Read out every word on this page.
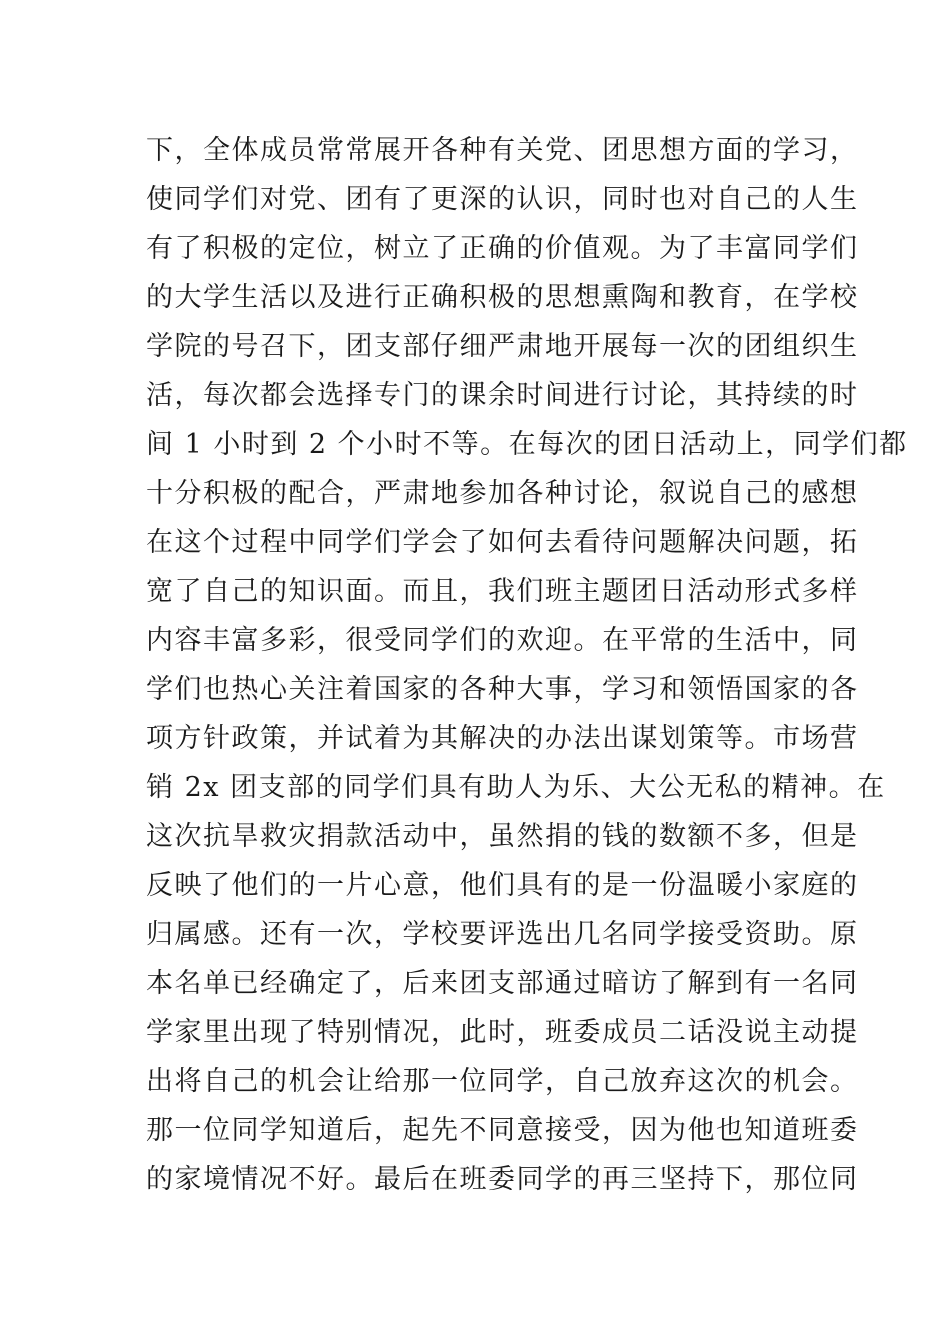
下，全体成员常常展开各种有关党、团思想方面的学习，
使同学们对党、团有了更深的认识，同时也对自己的人生
有了积极的定位，树立了正确的价值观。为了丰富同学们
的大学生活以及进行正确积极的思想熏陶和教育，在学校
学院的号召下，团支部仔细严肃地开展每一次的团组织生
活，每次都会选择专门的课余时间进行讨论，其持续的时
间 1 小时到 2 个小时不等。在每次的团日活动上，同学们都
十分积极的配合，严肃地参加各种讨论，叙说自己的感想
在这个过程中同学们学会了如何去看待问题解决问题，拓
宽了自己的知识面。而且，我们班主题团日活动形式多样
内容丰富多彩，很受同学们的欢迎。在平常的生活中，同
学们也热心关注着国家的各种大事，学习和领悟国家的各
项方针政策，并试着为其解决的办法出谋划策等。市场营
销 2x 团支部的同学们具有助人为乐、大公无私的精神。在
这次抗旱救灾捐款活动中，虽然捐的钱的数额不多，但是
反映了他们的一片心意，他们具有的是一份温暖小家庭的
归属感。还有一次，学校要评选出几名同学接受资助。原
本名单已经确定了，后来团支部通过暗访了解到有一名同
学家里出现了特别情况，此时，班委成员二话没说主动提
出将自己的机会让给那一位同学，自己放弃这次的机会。
那一位同学知道后，起先不同意接受，因为他也知道班委
的家境情况不好。最后在班委同学的再三坚持下，那位同
